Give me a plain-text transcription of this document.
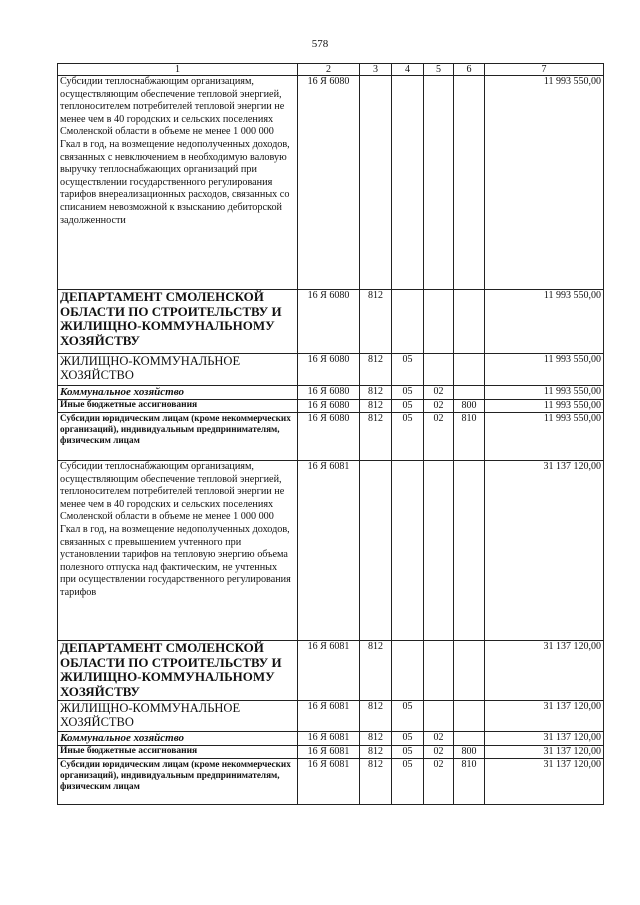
578
1	2	3	4	5	6	7
Субсидии теплоснабжающим организациям, осуществляющим обеспечение тепловой энергией, теплоносителем потребителей тепловой энергии не менее чем в 40 городских и сельских поселениях Смоленской области в объеме не менее 1 000 000 Гкал в год, на возмещение недополученных доходов, связанных с невключением в необходимую валовую выручку теплоснабжающих организаций при осуществлении государственного регулирования тарифов внереализационных расходов, связанных со списанием невозможной к взысканию дебиторской задолженности	16 Я 6080					11 993 550,00
ДЕПАРТАМЕНТ СМОЛЕНСКОЙ ОБЛАСТИ ПО СТРОИТЕЛЬСТВУ И ЖИЛИЩНО-КОММУНАЛЬНОМУ ХОЗЯЙСТВУ	16 Я 6080	812				11 993 550,00
ЖИЛИЩНО-КОММУНАЛЬНОЕ ХОЗЯЙСТВО	16 Я 6080	812	05			11 993 550,00
Коммунальное хозяйство	16 Я 6080	812	05	02		11 993 550,00
Иные бюджетные ассигнования	16 Я 6080	812	05	02	800	11 993 550,00
Субсидии юридическим лицам (кроме некоммерческих организаций), индивидуальным предпринимателям, физическим лицам	16 Я 6080	812	05	02	810	11 993 550,00
Субсидии теплоснабжающим организациям, осуществляющим обеспечение тепловой энергией, теплоносителем потребителей тепловой энергии не менее чем в 40 городских и сельских поселениях Смоленской области в объеме не менее 1 000 000 Гкал в год, на возмещение недополученных доходов, связанных с превышением учтенного при установлении тарифов на тепловую энергию объема полезного отпуска над фактическим, не учтенных при осуществлении государственного регулирования тарифов	16 Я 6081					31 137 120,00
ДЕПАРТАМЕНТ СМОЛЕНСКОЙ ОБЛАСТИ ПО СТРОИТЕЛЬСТВУ И ЖИЛИЩНО-КОММУНАЛЬНОМУ ХОЗЯЙСТВУ	16 Я 6081	812				31 137 120,00
ЖИЛИЩНО-КОММУНАЛЬНОЕ ХОЗЯЙСТВО	16 Я 6081	812	05			31 137 120,00
Коммунальное хозяйство	16 Я 6081	812	05	02		31 137 120,00
Иные бюджетные ассигнования	16 Я 6081	812	05	02	800	31 137 120,00
Субсидии юридическим лицам (кроме некоммерческих организаций), индивидуальным предпринимателям, физическим лицам	16 Я 6081	812	05	02	810	31 137 120,00
